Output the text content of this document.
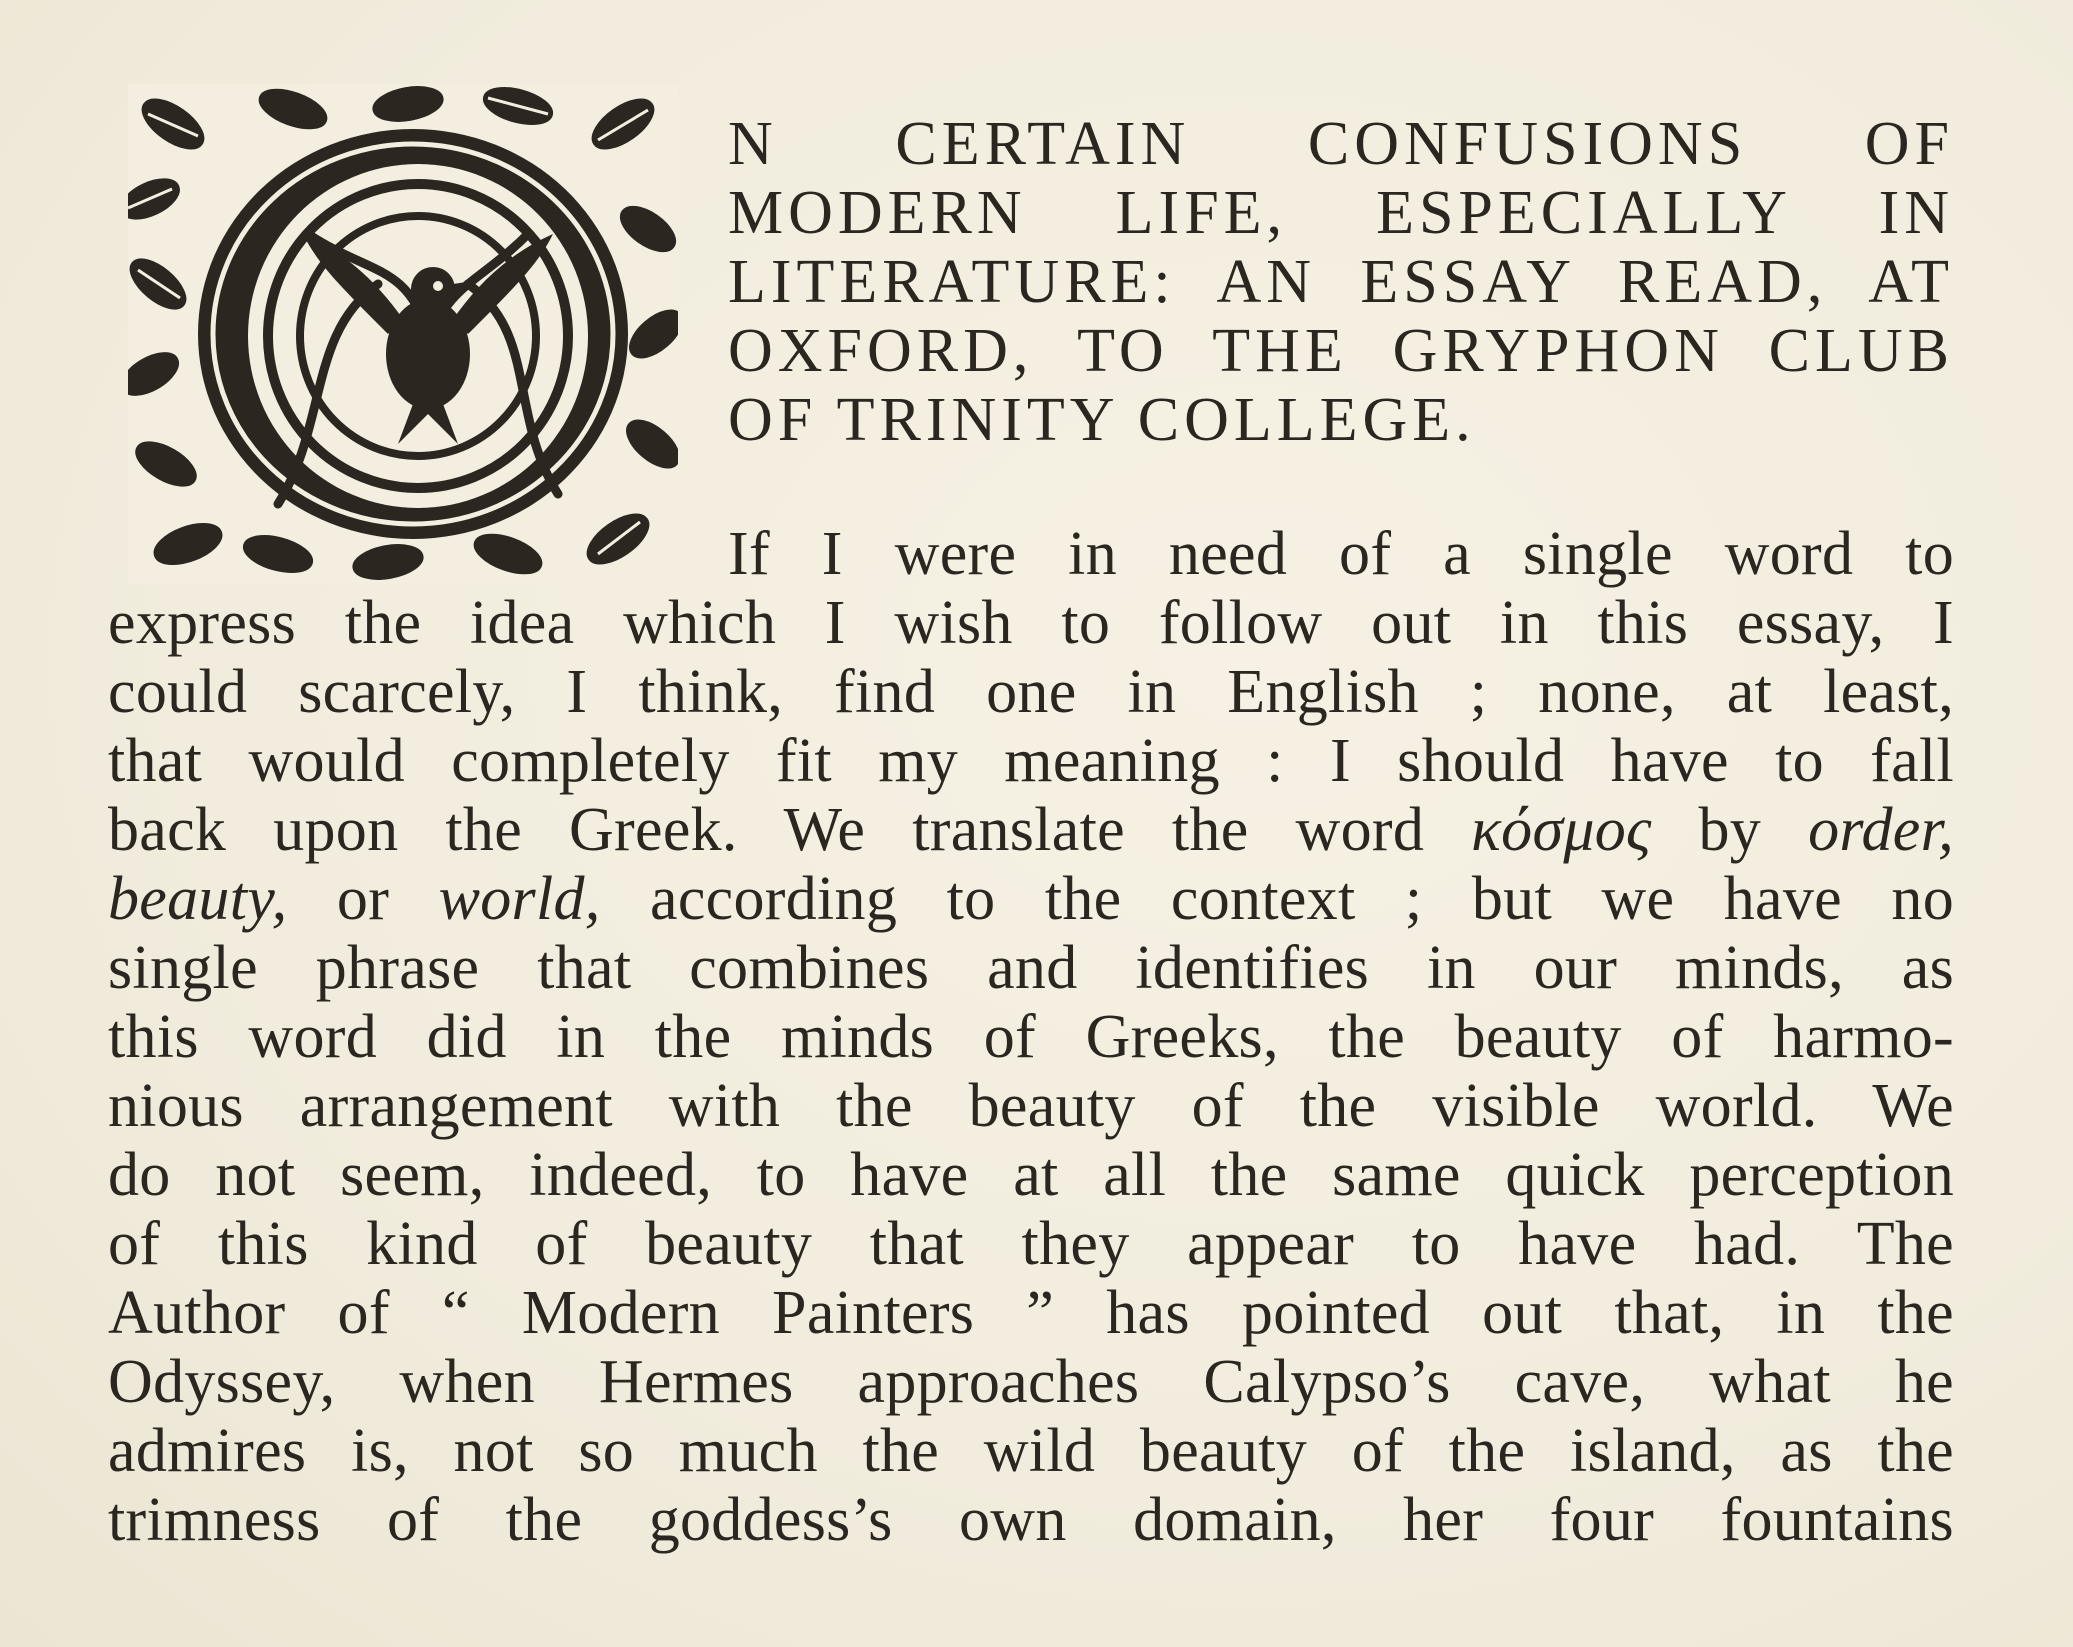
N CERTAIN CONFUSIONS OF MODERN LIFE, ESPECIALLY IN LITERATURE: AN ESSAY READ, AT OXFORD, TO THE GRYPHON CLUB OF TRINITY COLLEGE.
If I were in need of a single word to
express the idea which I wish to follow out in this essay, I
could scarcely, I think, find one in English ; none, at least,
that would completely fit my meaning : I should have to fall
back upon the Greek. We translate the word κόσμος by order,
beauty, or world, according to the context ; but we have no
single phrase that combines and identifies in our minds, as
this word did in the minds of Greeks, the beauty of harmo-
nious arrangement with the beauty of the visible world. We
do not seem, indeed, to have at all the same quick perception
of this kind of beauty that they appear to have had. The
Author of “ Modern Painters ” has pointed out that, in the
Odyssey, when Hermes approaches Calypso’s cave, what he
admires is, not so much the wild beauty of the island, as the
trimness of the goddess’s own domain, her four fountains
